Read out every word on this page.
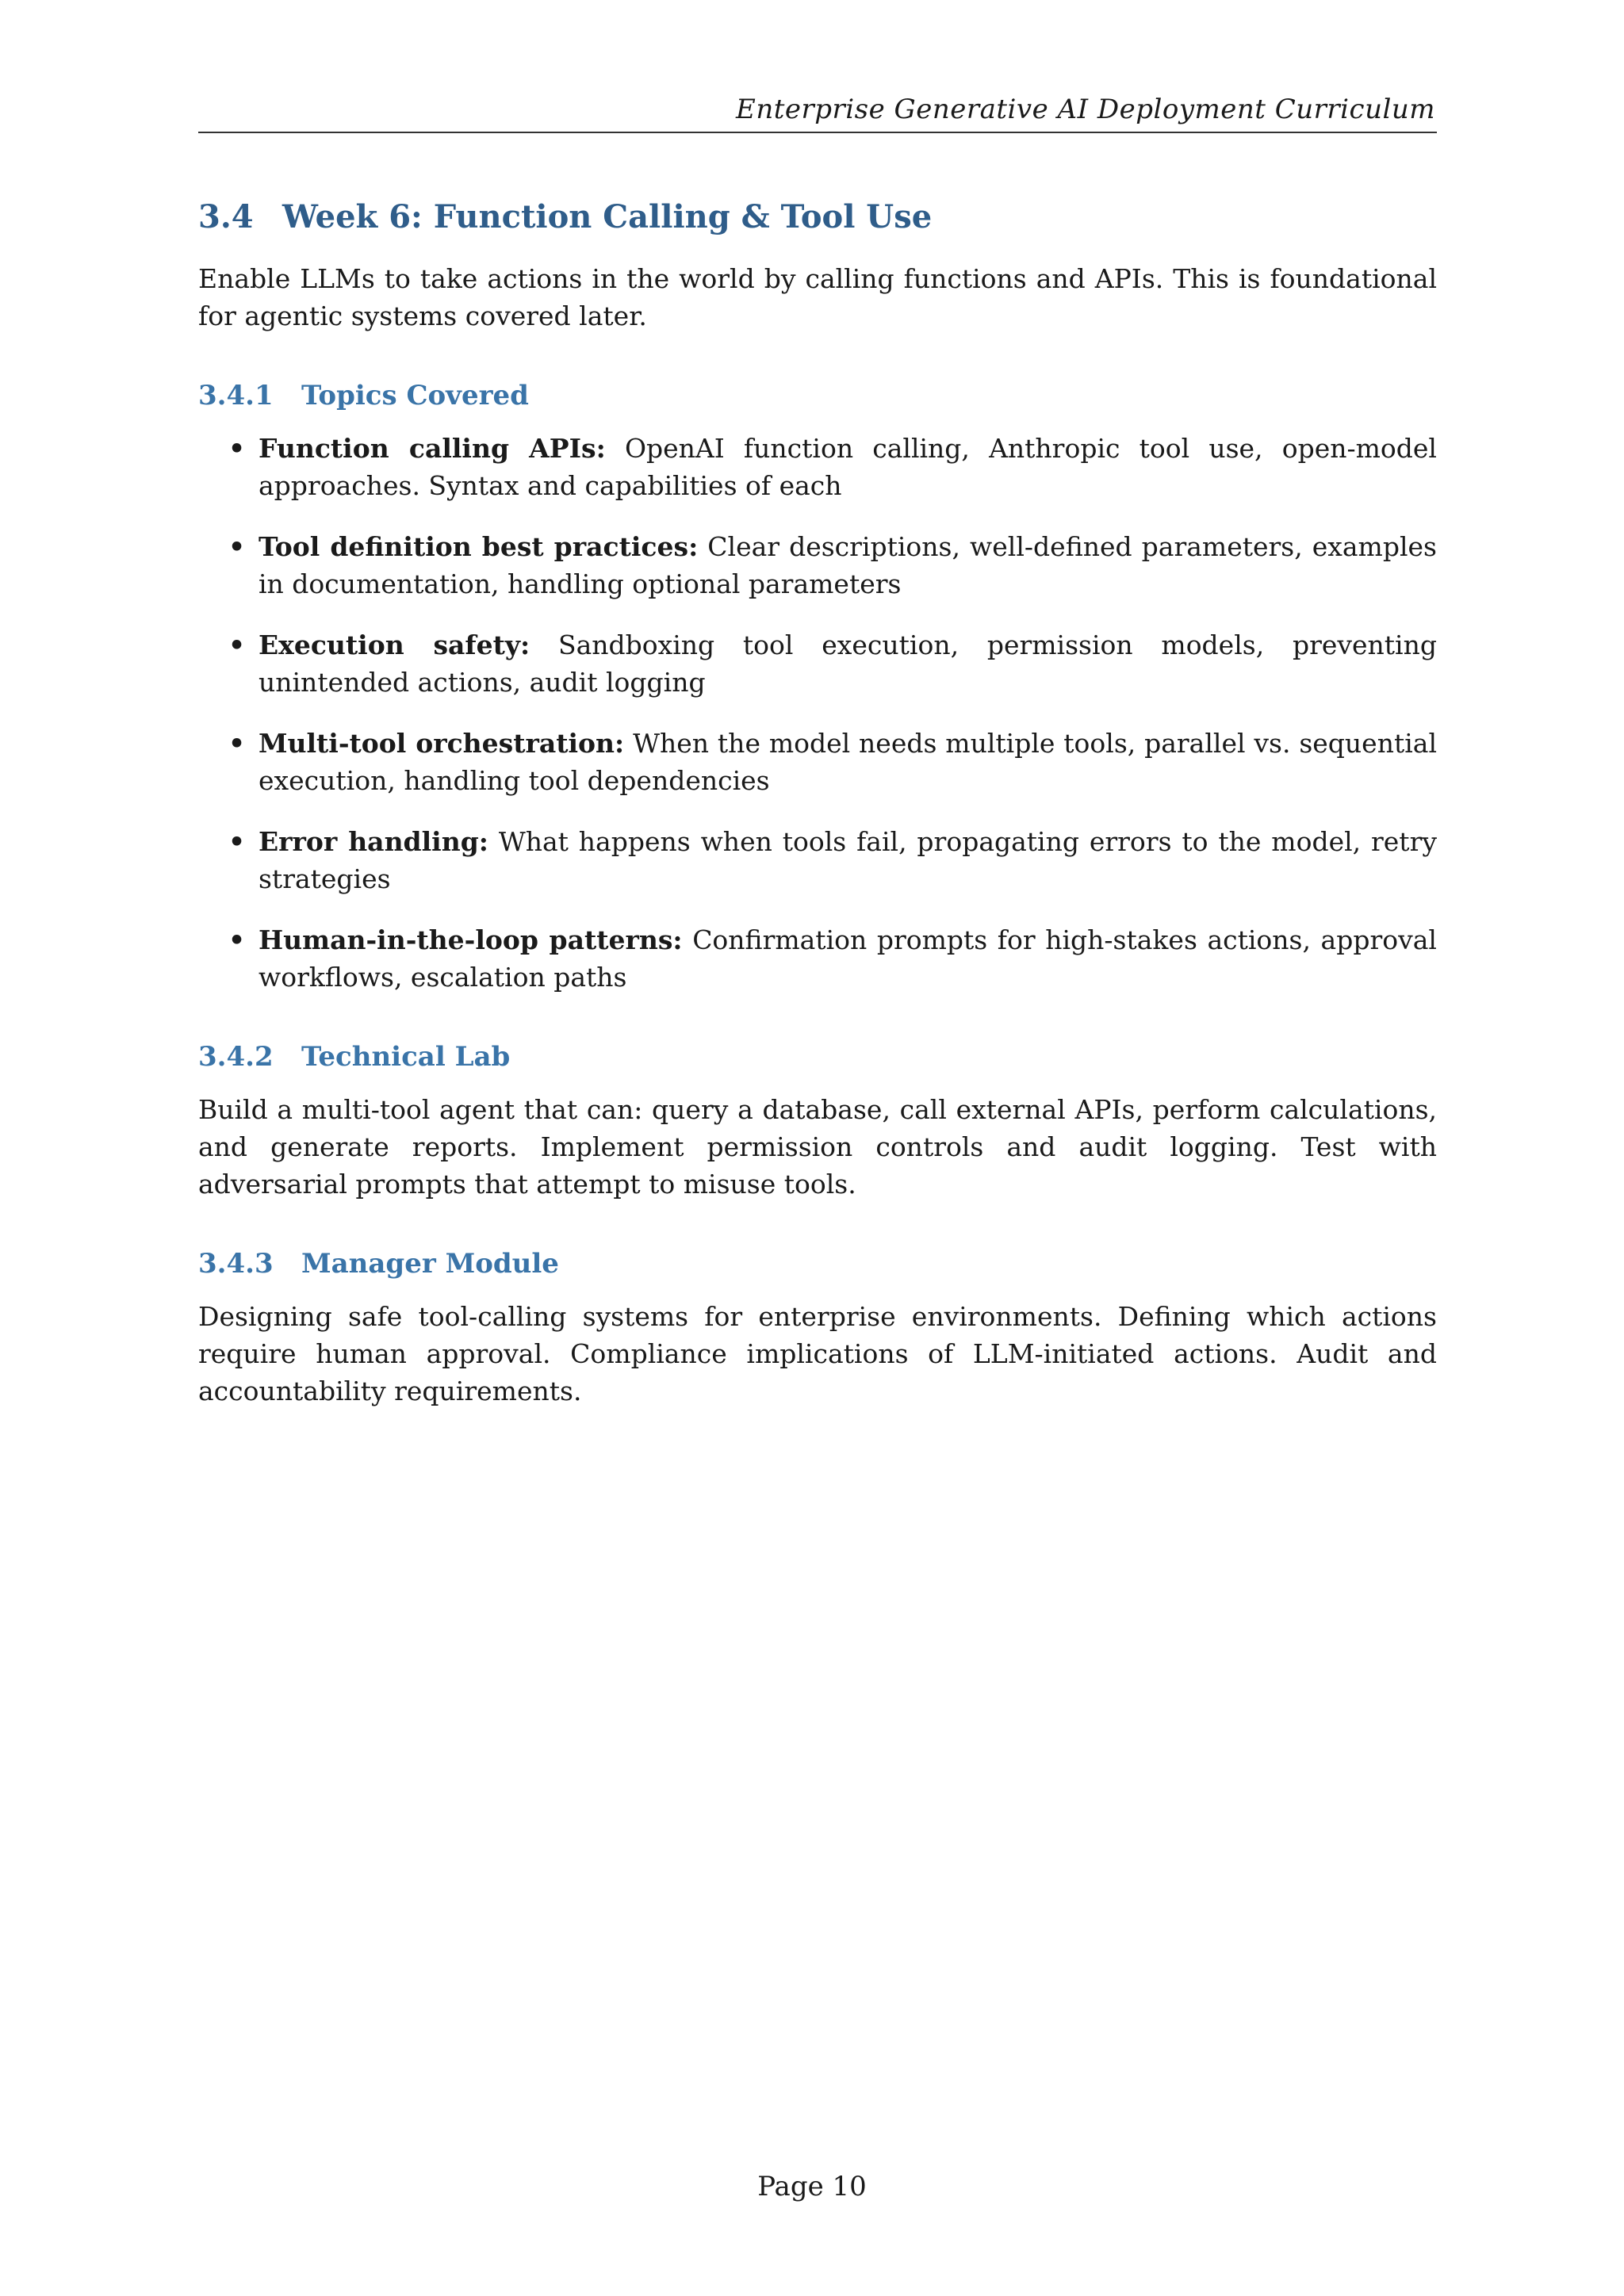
Enterprise Generative AI Deployment Curriculum
3.4 Week 6: Function Calling & Tool Use

Enable LLMs to take actions in the world by calling functions and APIs. This is foundational for agentic systems covered later.

3.4.1 Topics Covered
• Function calling APIs: OpenAI function calling, Anthropic tool use, open-model approaches. Syntax and capabilities of each
• Tool definition best practices: Clear descriptions, well-defined parameters, examples in documentation, handling optional parameters
• Execution safety: Sandboxing tool execution, permission models, preventing unintended actions, audit logging
• Multi-tool orchestration: When the model needs multiple tools, parallel vs. sequential execution, handling tool dependencies
• Error handling: What happens when tools fail, propagating errors to the model, retry strategies
• Human-in-the-loop patterns: Confirmation prompts for high-stakes actions, approval workflows, escalation paths
3.4.2 Technical Lab

Build a multi-tool agent that can: query a database, call external APIs, perform calculations, and generate reports. Implement permission controls and audit logging. Test with adversarial prompts that attempt to misuse tools.

3.4.3 Manager Module

Designing safe tool-calling systems for enterprise environments. Defining which actions require human approval. Compliance implications of LLM-initiated actions. Audit and accountability requirements.

Page 10
